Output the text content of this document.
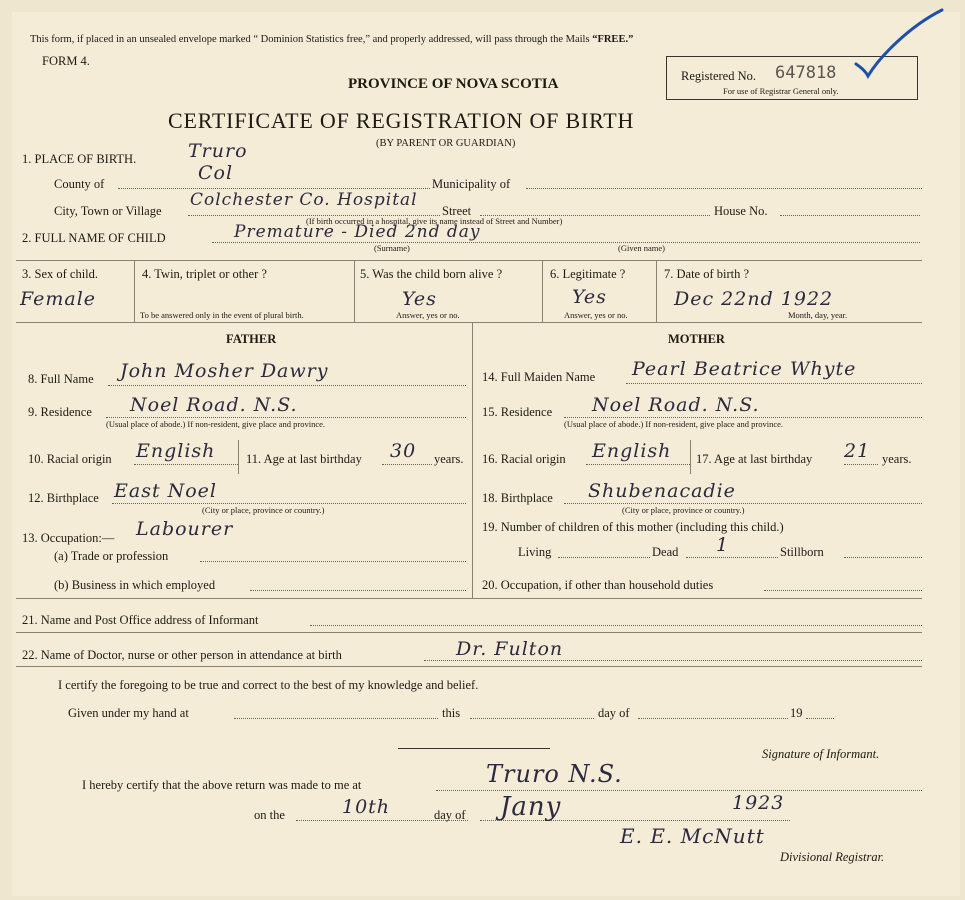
This form, if placed in an unsealed envelope marked “ Dominion Statistics free,” and properly addressed, will pass through the Mails “FREE.”
FORM 4.
PROVINCE OF NOVA SCOTIA	Registered No. 647818
For use of Registrar General only.
CERTIFICATE OF REGISTRATION OF BIRTH
(BY PARENT OR GUARDIAN)
1. PLACE OF BIRTH.	Truro
County of	Col	Municipality of
City, Town or Village
Colchester Co. Hospital
Street	House No.
(If birth occurred in a hospital, give its name instead of Street and Number)
2. FULL NAME OF CHILD	Premature - Died 2nd day
(Surname)	(Given name)
3. Sex of child.
Female
4. Twin, triplet or other ?
To be answered only in the event of plural birth.
5. Was the child born alive ?
Yes
Answer, yes or no.
6. Legitimate ?
Yes
Answer, yes or no.
7. Date of birth ?
Dec 22nd 1922
Month, day, year.
FATHER	MOTHER
8. Full Name John Mosher Dawry
9. Residence Noel Road. N.S.
(Usual place of abode.) If non-resident, give place and province.
10. Racial origin English 11. Age at last birthday 30 years.
12. Birthplace East Noel
(City or place, province or country.)
13. Occupation:— Labourer
(a) Trade or profession
(b) Business in which employed
14. Full Maiden Name Pearl Beatrice Whyte
15. Residence Noel Road. N.S.
(Usual place of abode.) If non-resident, give place and province.
16. Racial origin English 17. Age at last birthday 21 years.
18. Birthplace Shubenacadie
(City or place, province or country.)
19. Number of children of this mother (including this child.)
Living	Dead 1	Stillborn
20. Occupation, if other than household duties
21. Name and Post Office address of Informant
22. Name of Doctor, nurse or other person in attendance at birth	Dr. Fulton
I certify the foregoing to be true and correct to the best of my knowledge and belief.
Given under my hand at	this	day of	19
Signature of Informant.
I hereby certify that the above return was made to me at	Truro N.S.
on the	10th	day of Jany	1923
E. E. McNutt
Divisional Registrar.
